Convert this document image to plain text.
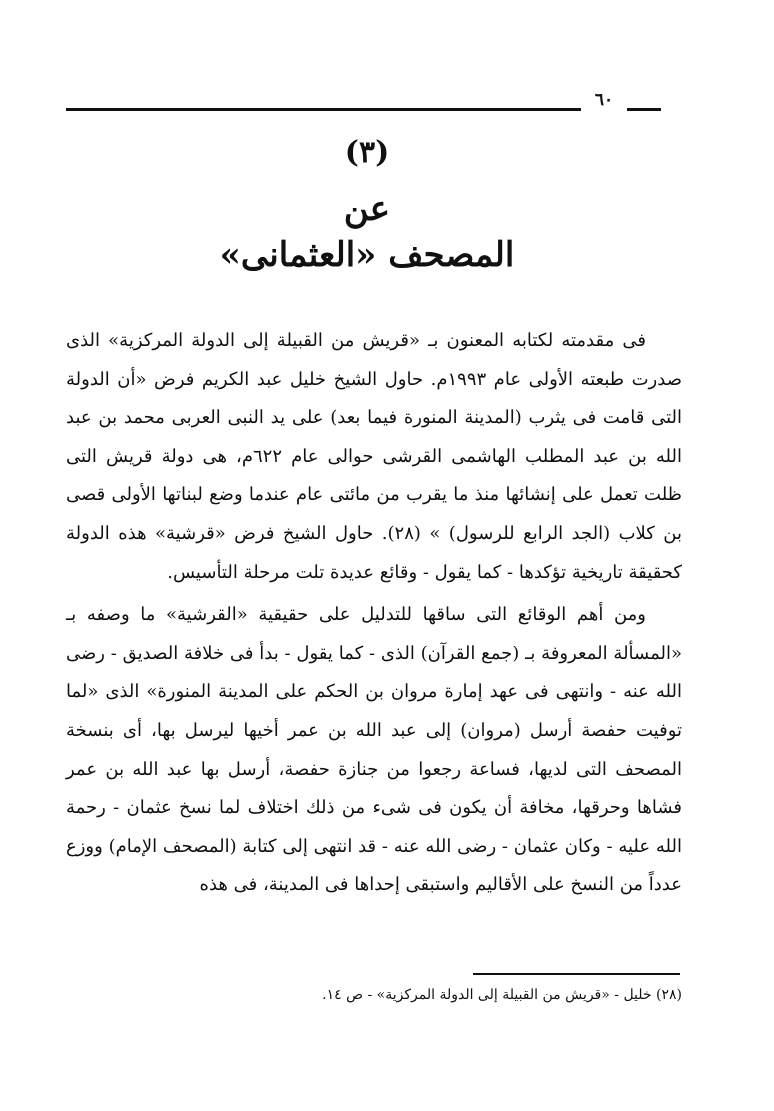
٦٠
(٣)
عن
المصحف «العثمانى»

فى مقدمته لكتابه المعنون بـ «قريش من القبيلة إلى الدولة المركزية» الذى صدرت طبعته الأولى عام ١٩٩٣م. حاول الشيخ خليل عبد الكريم فرض «أن الدولة التى قامت فى يثرب (المدينة المنورة فيما بعد) على يد النبى العربى محمد بن عبد الله بن عبد المطلب الهاشمى القرشى حوالى عام ٦٢٢م، هى دولة قريش التى ظلت تعمل على إنشائها منذ ما يقرب من مائتى عام عندما وضع لبناتها الأولى قصى بن كلاب (الجد الرابع للرسول) » (٢٨). حاول الشيخ فرض «قرشية» هذه الدولة كحقيقة تاريخية تؤكدها - كما يقول - وقائع عديدة تلت مرحلة التأسيس.

ومن أهم الوقائع التى ساقها للتدليل على حقيقية «القرشية» ما وصفه بـ «المسألة المعروفة بـ (جمع القرآن) الذى - كما يقول - بدأ فى خلافة الصديق - رضى الله عنه - وانتهى فى عهد إمارة مروان بن الحكم على المدينة المنورة» الذى «لما توفيت حفصة أرسل (مروان) إلى عبد الله بن عمر أخيها ليرسل بها، أى بنسخة المصحف التى لديها، فساعة رجعوا من جنازة حفصة، أرسل بها عبد الله بن عمر فشاها وحرقها، مخافة أن يكون فى شىء من ذلك اختلاف لما نسخ عثمان - رحمة الله عليه - وكان عثمان - رضى الله عنه - قد انتهى إلى كتابة (المصحف الإمام) ووزع عدداً من النسخ على الأقاليم واستبقى إحداها فى المدينة، فى هذه

(٢٨) خليل - «قريش من القبيلة إلى الدولة المركزية» - ص ١٤.
